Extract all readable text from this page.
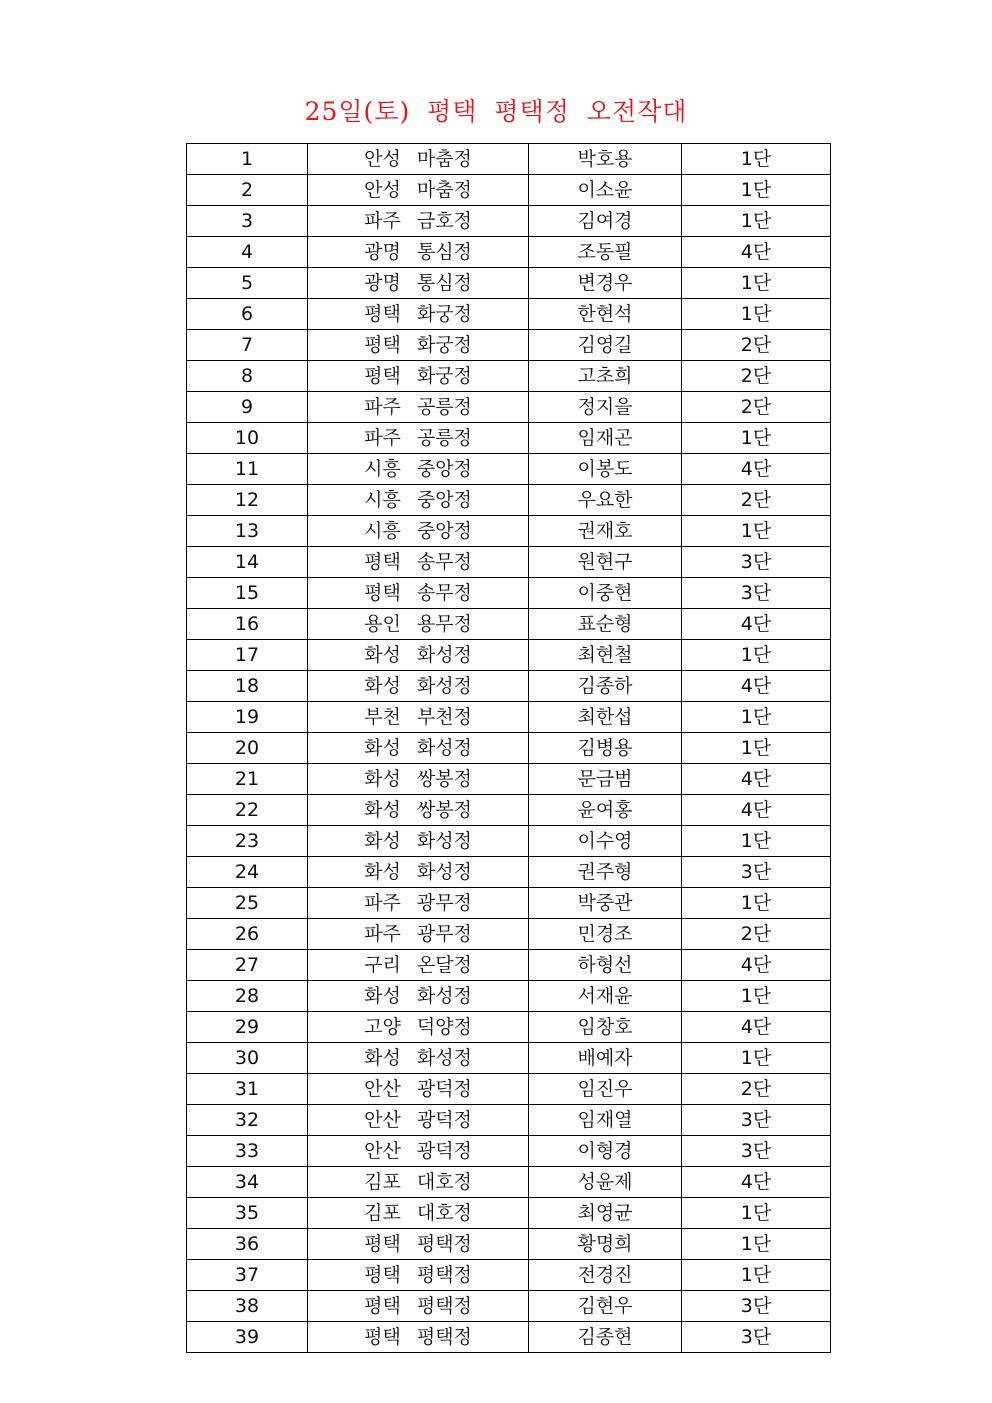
25일(토) 평택 평택정 오전작대
1	안성 마춤정	박호용	1단
2	안성 마춤정	이소윤	1단
3	파주 금호정	김여경	1단
4	광명 통심정	조동필	4단
5	광명 통심정	변경우	1단
6	평택 화궁정	한현석	1단
7	평택 화궁정	김영길	2단
8	평택 화궁정	고초희	2단
9	파주 공릉정	정지을	2단
10	파주 공릉정	임재곤	1단
11	시흥 중앙정	이봉도	4단
12	시흥 중앙정	우요한	2단
13	시흥 중앙정	권재호	1단
14	평택 송무정	원현구	3단
15	평택 송무정	이중현	3단
16	용인 용무정	표순형	4단
17	화성 화성정	최현철	1단
18	화성 화성정	김종하	4단
19	부천 부천정	최한섭	1단
20	화성 화성정	김병용	1단
21	화성 쌍봉정	문금범	4단
22	화성 쌍봉정	윤여홍	4단
23	화성 화성정	이수영	1단
24	화성 화성정	권주형	3단
25	파주 광무정	박중관	1단
26	파주 광무정	민경조	2단
27	구리 온달정	하형선	4단
28	화성 화성정	서재윤	1단
29	고양 덕양정	임창호	4단
30	화성 화성정	배예자	1단
31	안산 광덕정	임진우	2단
32	안산 광덕정	임재열	3단
33	안산 광덕정	이형경	3단
34	김포 대호정	성윤제	4단
35	김포 대호정	최영균	1단
36	평택 평택정	황명희	1단
37	평택 평택정	전경진	1단
38	평택 평택정	김현우	3단
39	평택 평택정	김종현	3단
